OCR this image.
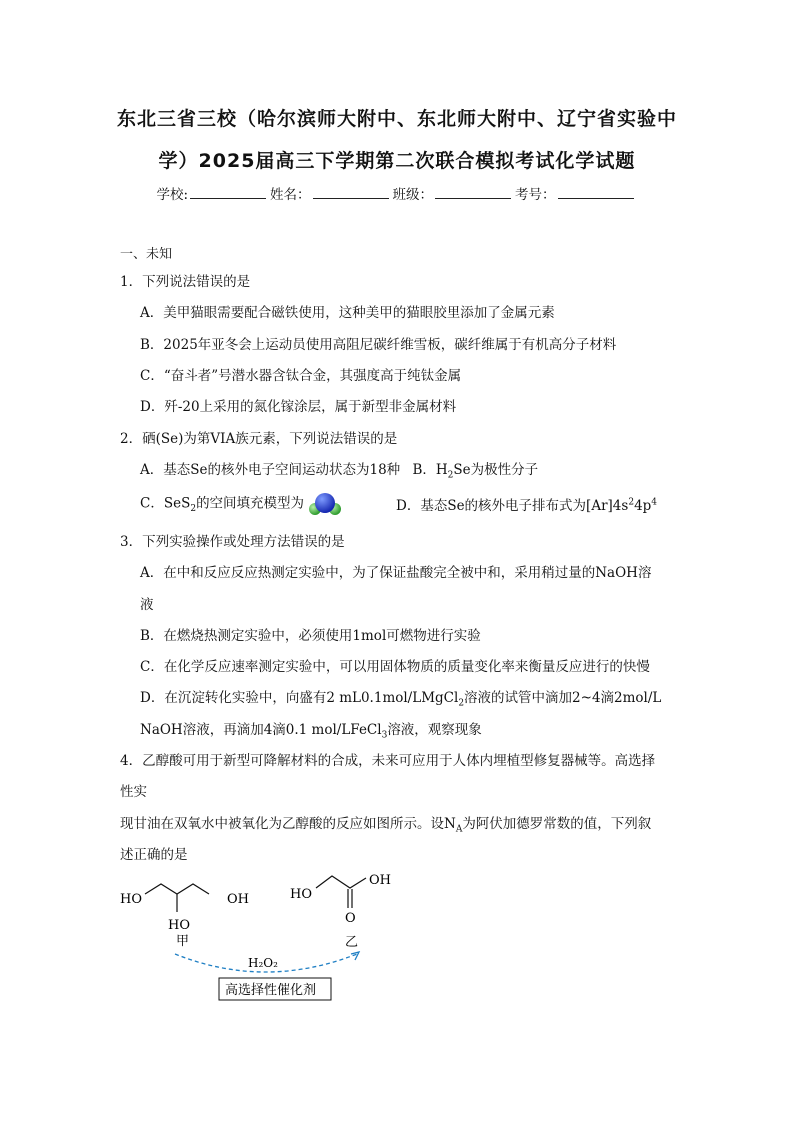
东北三省三校（哈尔滨师大附中、东北师大附中、辽宁省实验中
学）2025届高三下学期第二次联合模拟考试化学试题
学校:	姓名：	班级：	考号：
一、未知
1．下列说法错误的是
A．美甲猫眼需要配合磁铁使用，这种美甲的猫眼胶里添加了金属元素
B．2025年亚冬会上运动员使用高阻尼碳纤维雪板，碳纤维属于有机高分子材料
C．“奋斗者”号潜水器含钛合金，其强度高于纯钛金属
D．歼-20上采用的氮化镓涂层，属于新型非金属材料
2．硒(Se)为第VIA族元素，下列说法错误的是
A．基态Se的核外电子空间运动状态为18种 B．$H_2Se$为极性分子
C．SeS$_2$的空间填充模型为	D．基态Se的核外电子排布式为$[Ar]4s^24p^4$
3．下列实验操作或处理方法错误的是
A．在中和反应反应热测定实验中，为了保证盐酸完全被中和，采用稍过量的NaOH溶
液
B．在燃烧热测定实验中，必须使用1mol可燃物进行实验
C．在化学反应速率测定实验中，可以用固体物质的质量变化率来衡量反应进行的快慢
D．在沉淀转化实验中，向盛有2 mL0.1mol/LMgCl$_2$溶液的试管中滴加2~4滴2mol/L
NaOH溶液，再滴加4滴0.1 mol/LFeCl$_3$溶液，观察现象
4．乙醇酸可用于新型可降解材料的合成，未来可应用于人体内埋植型修复器械等。高选择
性实
现甘油在双氧水中被氧化为乙醇酸的反应如图所示。设$N_A$为阿伏加德罗常数的值，下列叙
述正确的是
HO	OH
HO
甲
HO
OH
O
乙
H₂O₂
高选择性催化剂
